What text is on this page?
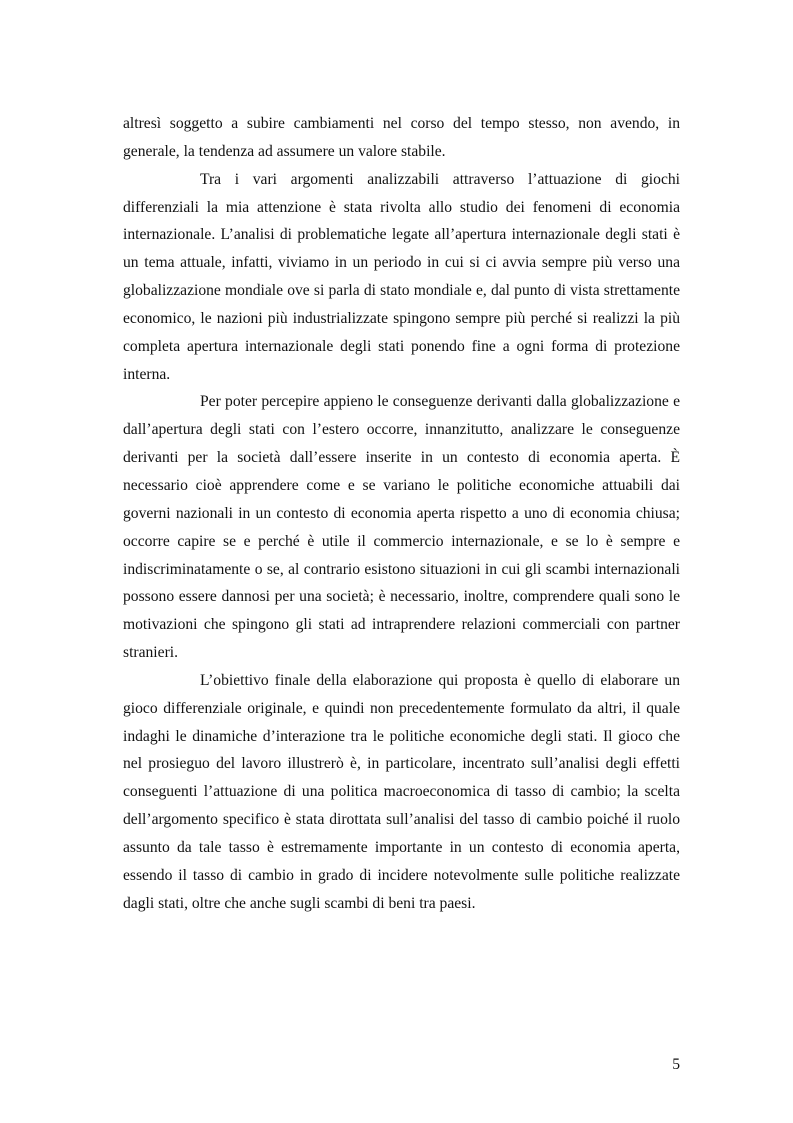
altresì soggetto a subire cambiamenti nel corso del tempo stesso, non avendo, in generale, la tendenza ad assumere un valore stabile.

Tra i vari argomenti analizzabili attraverso l’attuazione di giochi differenziali la mia attenzione è stata rivolta allo studio dei fenomeni di economia internazionale. L’analisi di problematiche legate all’apertura internazionale degli stati è un tema attuale, infatti, viviamo in un periodo in cui si ci avvia sempre più verso una globalizzazione mondiale ove si parla di stato mondiale e, dal punto di vista strettamente economico, le nazioni più industrializzate spingono sempre più perché si realizzi la più completa apertura internazionale degli stati ponendo fine a ogni forma di protezione interna.

Per poter percepire appieno le conseguenze derivanti dalla globalizzazione e dall’apertura degli stati con l’estero occorre, innanzitutto, analizzare le conseguenze derivanti per la società dall’essere inserite in un contesto di economia aperta. È necessario cioè apprendere come e se variano le politiche economiche attuabili dai governi nazionali in un contesto di economia aperta rispetto a uno di economia chiusa; occorre capire se e perché è utile il commercio internazionale, e se lo è sempre e indiscriminatamente o se, al contrario esistono situazioni in cui gli scambi internazionali possono essere dannosi per una società; è necessario, inoltre, comprendere quali sono le motivazioni che spingono gli stati ad intraprendere relazioni commerciali con partner stranieri.

L’obiettivo finale della elaborazione qui proposta è quello di elaborare un gioco differenziale originale, e quindi non precedentemente formulato da altri, il quale indaghi le dinamiche d’interazione tra le politiche economiche degli stati. Il gioco che nel prosieguo del lavoro illustrerò è, in particolare, incentrato sull’analisi degli effetti conseguenti l’attuazione di una politica macroeconomica di tasso di cambio; la scelta dell’argomento specifico è stata dirottata sull’analisi del tasso di cambio poiché il ruolo assunto da tale tasso è estremamente importante in un contesto di economia aperta, essendo il tasso di cambio in grado di incidere notevolmente sulle politiche realizzate dagli stati, oltre che anche sugli scambi di beni tra paesi.

5
